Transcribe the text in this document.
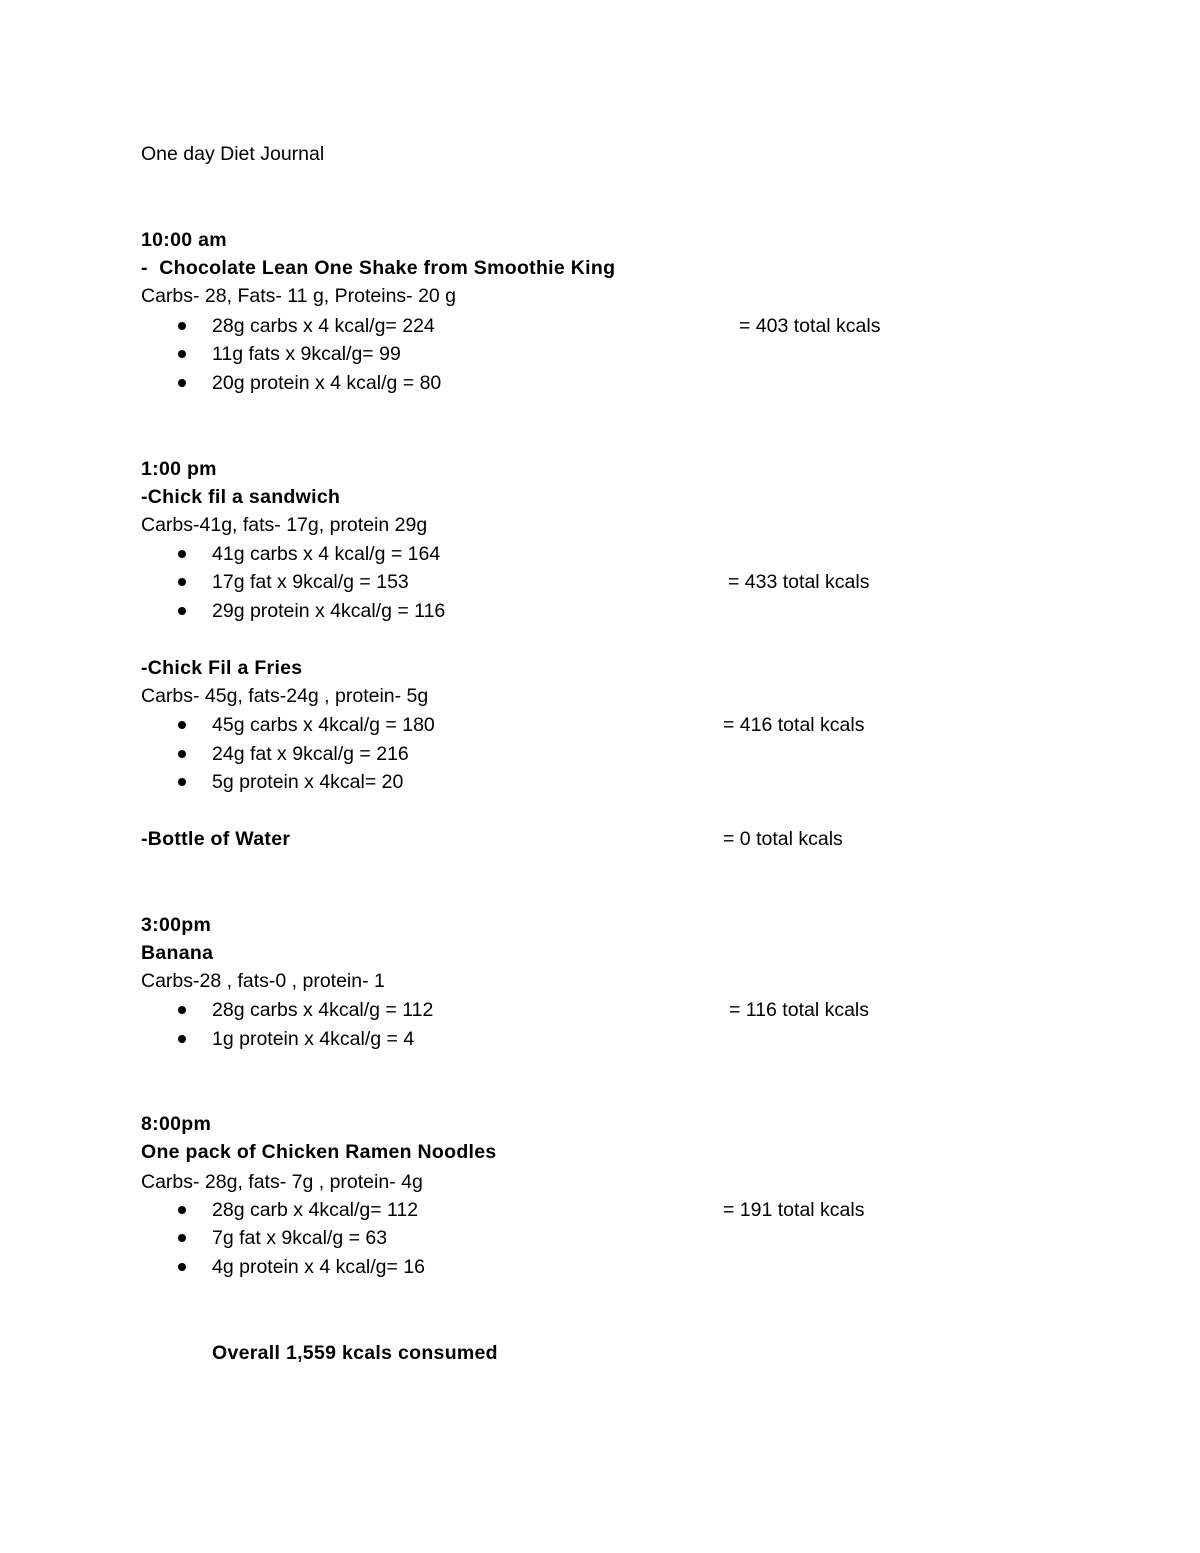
One day Diet Journal
10:00 am
-  Chocolate Lean One Shake from Smoothie King
Carbs- 28, Fats- 11 g, Proteins- 20 g
28g carbs x 4 kcal/g= 224
11g fats x 9kcal/g= 99
20g protein x 4 kcal/g = 80
= 403 total kcals
1:00 pm
-Chick fil a sandwich
Carbs-41g, fats- 17g, protein 29g
41g carbs x 4 kcal/g = 164
17g fat x 9kcal/g = 153
29g protein x 4kcal/g = 116
= 433 total kcals
-Chick Fil a Fries
Carbs- 45g, fats-24g , protein- 5g
45g carbs x 4kcal/g = 180
24g fat x 9kcal/g = 216
5g protein x 4kcal= 20
= 416 total kcals
-Bottle of Water	= 0 total kcals
3:00pm
Banana
Carbs-28 , fats-0 , protein- 1
28g carbs x 4kcal/g = 112
1g protein x 4kcal/g = 4
= 116 total kcals
8:00pm
One pack of Chicken Ramen Noodles
Carbs- 28g, fats- 7g , protein- 4g
28g carb x 4kcal/g= 112
7g fat x 9kcal/g = 63
4g protein x 4 kcal/g= 16
= 191 total kcals
Overall 1,559 kcals consumed
